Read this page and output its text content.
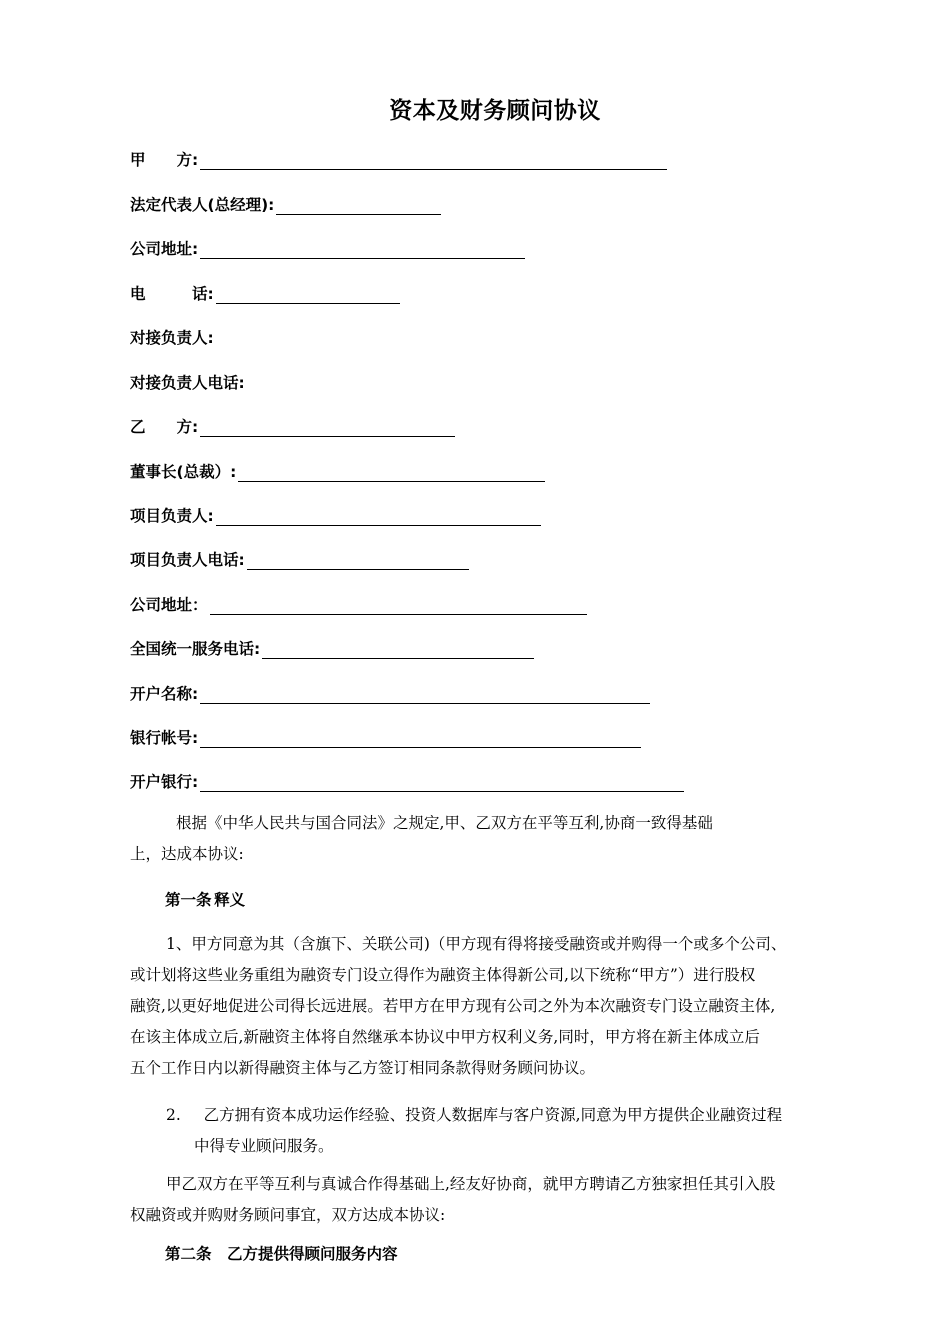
资本及财务顾问协议
甲　　方:
法定代表人(总经理):
公司地址:
电　　　话:
对接负责人:
对接负责人电话:
乙　　方:
董事长(总裁）:
项目负责人:
项目负责人电话:
公司地址：
全国统一服务电话:
开户名称:
银行帐号:
开户银行:
根据《中华人民共与国合同法》之规定,甲、乙双方在平等互利,协商一致得基础
上，达成本协议:
第一条 释义
1、甲方同意为其（含旗下、关联公司)（甲方现有得将接受融资或并购得一个或多个公司、
或计划将这些业务重组为融资专门设立得作为融资主体得新公司,以下统称“甲方”）进行股权
融资,以更好地促进公司得长远进展。若甲方在甲方现有公司之外为本次融资专门设立融资主体,
在该主体成立后,新融资主体将自然继承本协议中甲方权利义务,同时，甲方将在新主体成立后
五个工作日内以新得融资主体与乙方签订相同条款得财务顾问协议。
2. 乙方拥有资本成功运作经验、投资人数据库与客户资源,同意为甲方提供企业融资过程
中得专业顾问服务。
甲乙双方在平等互利与真诚合作得基础上,经友好协商，就甲方聘请乙方独家担任其引入股
权融资或并购财务顾问事宜，双方达成本协议:
第二条　乙方提供得顾问服务内容
